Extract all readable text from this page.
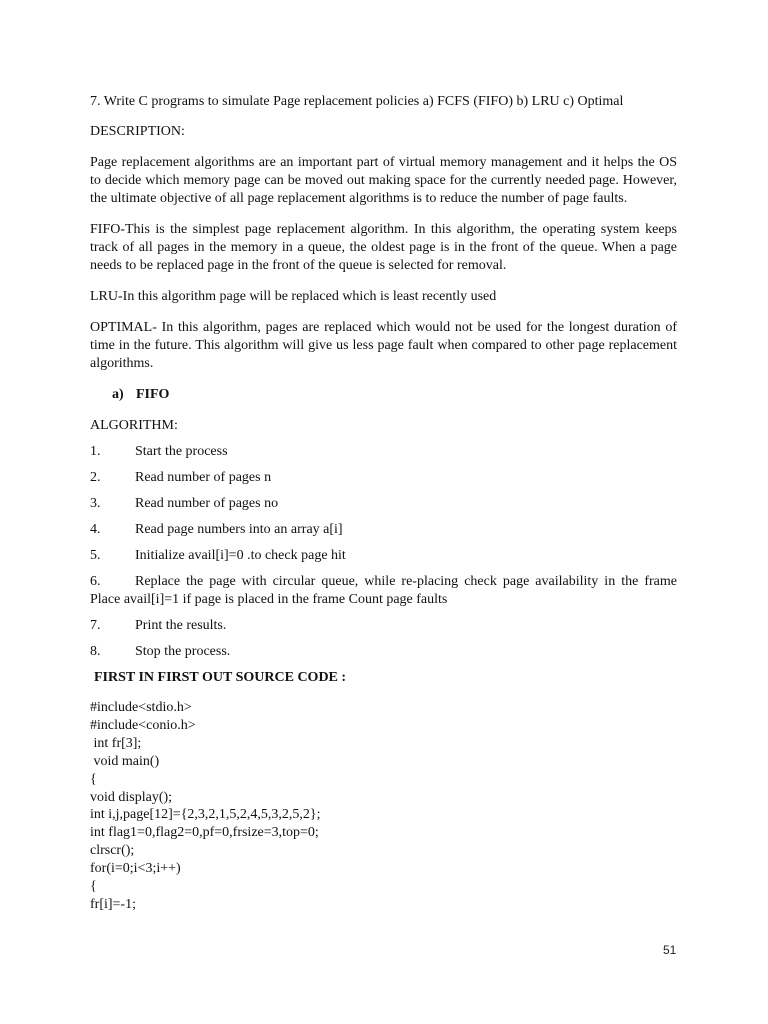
7. Write C programs to simulate Page replacement policies a) FCFS (FIFO) b) LRU c) Optimal

DESCRIPTION:

Page replacement algorithms are an important part of virtual memory management and it helps the OS to decide which memory page can be moved out making space for the currently needed page. However, the ultimate objective of all page replacement algorithms is to reduce the number of page faults.

FIFO-This is the simplest page replacement algorithm. In this algorithm, the operating system keeps track of all pages in the memory in a queue, the oldest page is in the front of the queue. When a page needs to be replaced page in the front of the queue is selected for removal.

LRU-In this algorithm page will be replaced which is least recently used

OPTIMAL- In this algorithm, pages are replaced which would not be used for the longest duration of time in the future. This algorithm will give us less page fault when compared to other page replacement algorithms.

a) FIFO

ALGORITHM:

1.	Start the process
2.	Read number of pages n
3.	Read number of pages no
4.	Read page numbers into an array a[i]
5.	Initialize avail[i]=0 .to check page hit
6. Replace the page with circular queue, while re-placing check page availability in the frame Place avail[i]=1 if page is placed in the frame Count page faults
7.	Print the results.
8.	Stop the process.

FIRST IN FIRST OUT SOURCE CODE :

#include<stdio.h>

#include<conio.h>

int fr[3];

void main()

{

void display();

int i,j,page[12]={2,3,2,1,5,2,4,5,3,2,5,2};

int flag1=0,flag2=0,pf=0,frsize=3,top=0;

clrscr();

for(i=0;i<3;i++)

{

fr[i]=-1;

51
